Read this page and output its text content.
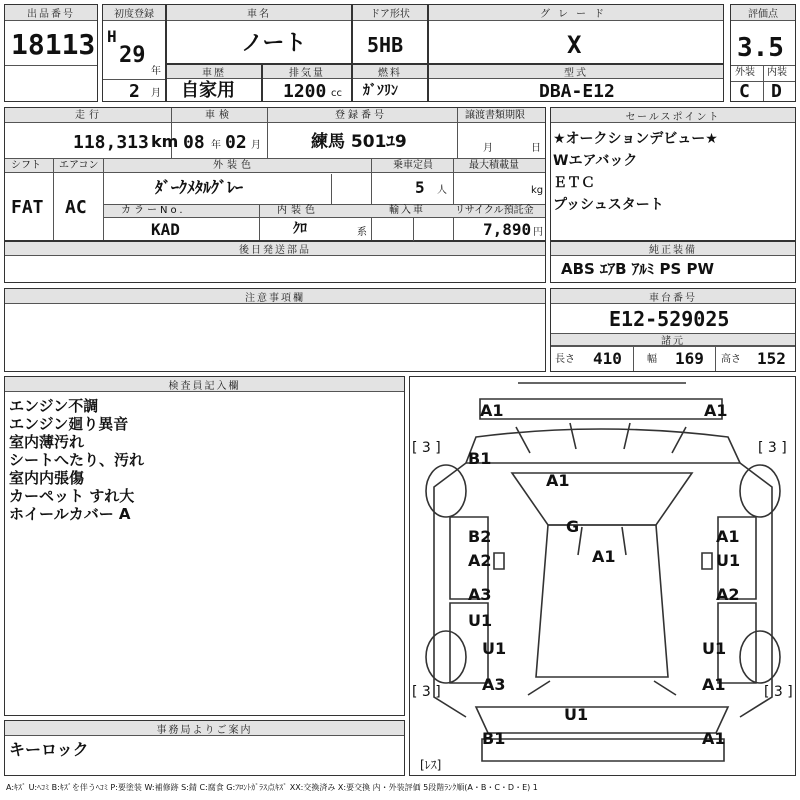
出品番号
18113
初度登録
H
29
年
2 月
車名
ノート
ドア形状
5HB
グレード
X
評価点
3.5
外装 内装
C D
車歴
自家用
排気量
1200 cc
燃料
ｶﾞｿﾘﾝ
型式
DBA-E12
走行	車検	登録番号	譲渡書類期限
118,313 km 08 年 02 月	練馬 501ﾕ9	月	日
シフト エアコン	外装色	乗車定員	最大積載量
FAT AC
ﾀﾞｰｸﾒﾀﾙｸﾞﾚｰ	5 人	kg
カラーNo.	内装色	輸入車	リサイクル預託金
KAD	ｸﾛ	系	7,890 円
後日発送部品
セールスポイント
★オークションデビュー★
Wエアバック
ＥＴＣ
プッシュスタート
純正装備
ABS ｴｱB ｱﾙﾐ PS PW
注意事項欄	車台番号
E12-529025
諸元
長さ 410	幅 169 高さ 152
検査員記入欄
エンジン不調
エンジン廻り異音
室内薄汚れ
シートへたり、汚れ
室内内張傷
カーペット すれ大
ホイールカバー A
事務局よりご案内
キーロック
[ 3 ]	[ 3 ]
[ 3 ]	[ 3 ]
[ﾚｽ]
A1	A1
B1
A1
G
A1
B2
A2
A1
U1
A3
U1
A2
U1	U1
A3	A1
U1
B1	A1
A:ｷｽﾞ U:ﾍｺﾐ B:ｷｽﾞを伴うﾍｺﾐ P:要塗装 W:補修跡 S:錆 C:腐食 G:ﾌﾛﾝﾄｶﾞﾗｽ点ｷｽﾞ XX:交換済み X:要交換 内・外装評価 5段階ﾗﾝｸ順(A・B・C・D・E) 1
